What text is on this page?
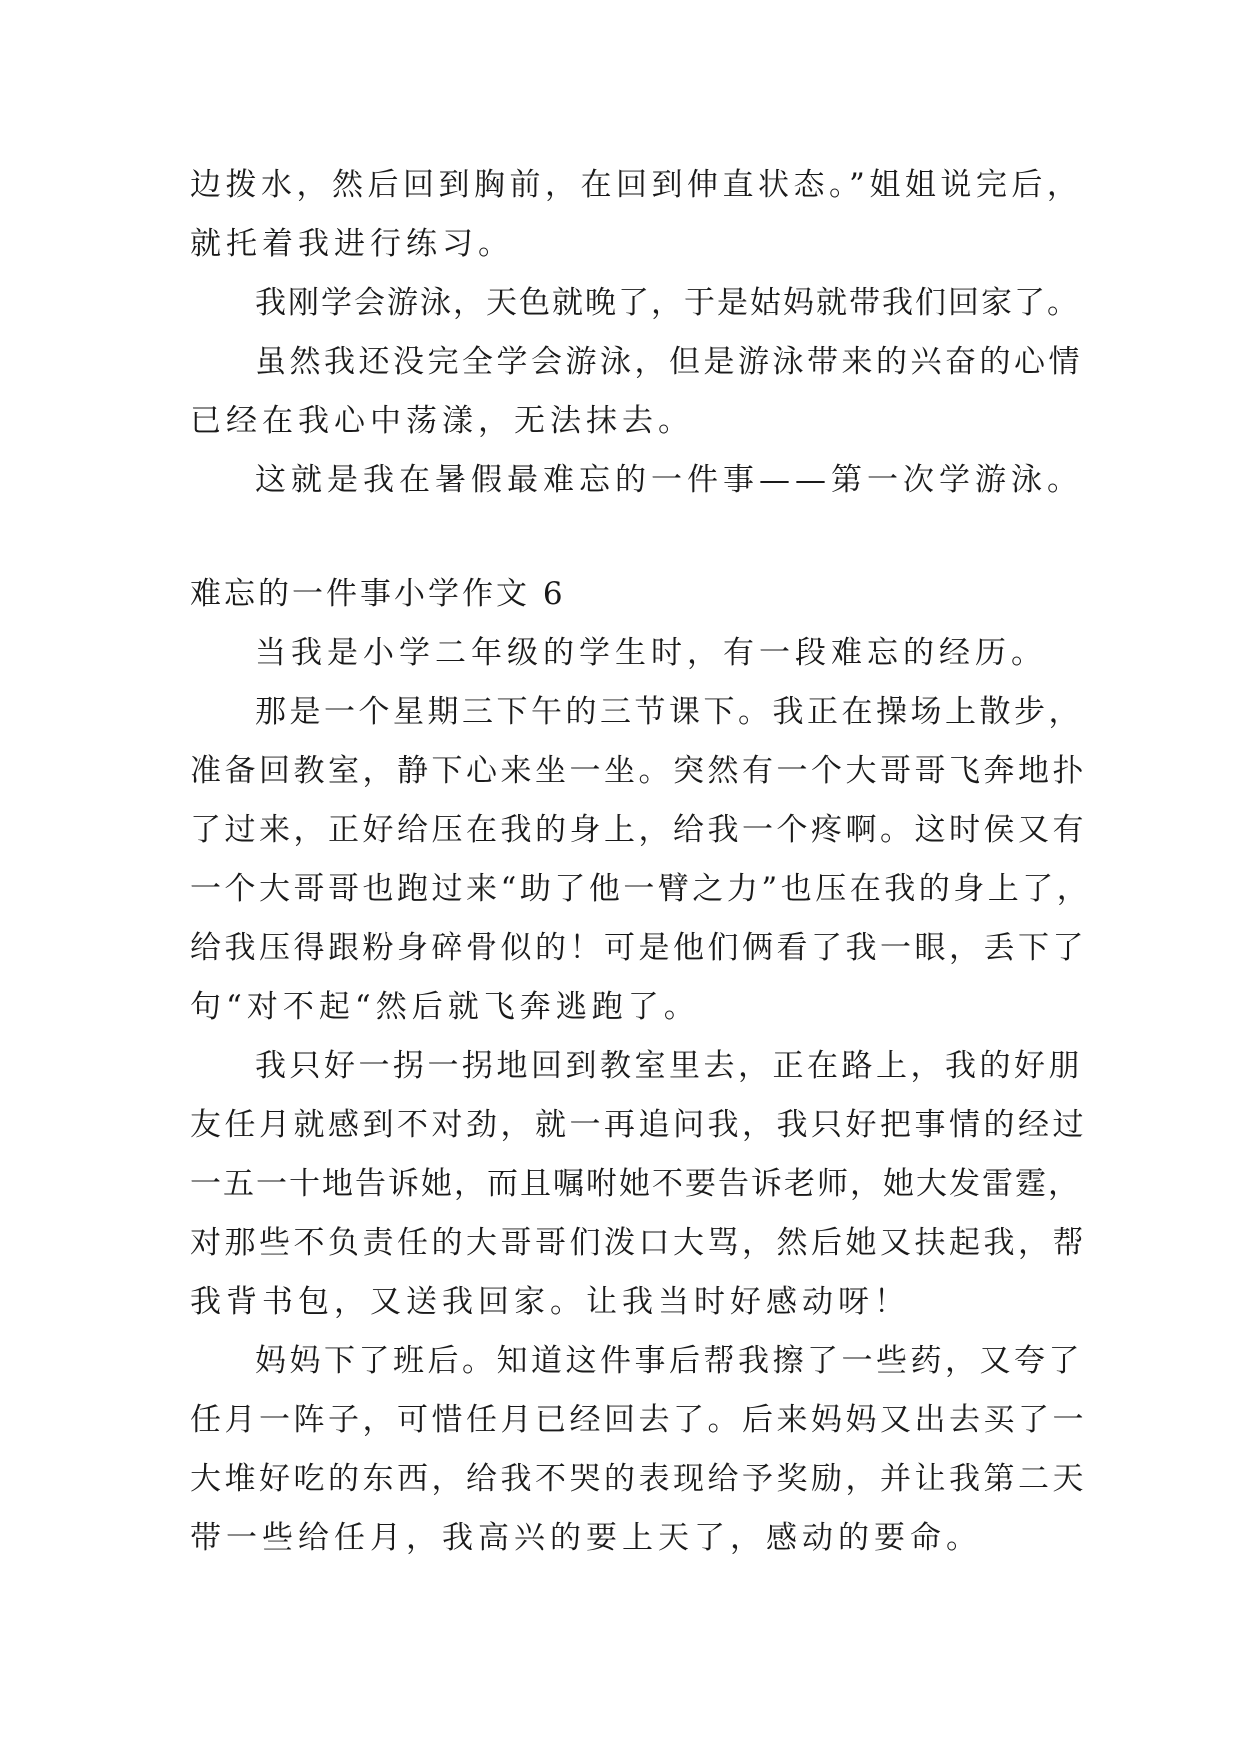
边拨水，然后回到胸前，在回到伸直状态。”姐姐说完后，
就托着我进行练习。
我刚学会游泳，天色就晚了，于是姑妈就带我们回家了。
虽然我还没完全学会游泳，但是游泳带来的兴奋的心情
已经在我心中荡漾，无法抹去。
这就是我在暑假最难忘的一件事——第一次学游泳。
难忘的一件事小学作文 6
当我是小学二年级的学生时，有一段难忘的经历。
那是一个星期三下午的三节课下。我正在操场上散步，
准备回教室，静下心来坐一坐。突然有一个大哥哥飞奔地扑
了过来，正好给压在我的身上，给我一个疼啊。这时侯又有
一个大哥哥也跑过来“助了他一臂之力”也压在我的身上了，
给我压得跟粉身碎骨似的！可是他们俩看了我一眼，丢下了
句“对不起“然后就飞奔逃跑了。
我只好一拐一拐地回到教室里去，正在路上，我的好朋
友任月就感到不对劲，就一再追问我，我只好把事情的经过
一五一十地告诉她，而且嘱咐她不要告诉老师，她大发雷霆，
对那些不负责任的大哥哥们泼口大骂，然后她又扶起我，帮
我背书包，又送我回家。让我当时好感动呀！
妈妈下了班后。知道这件事后帮我擦了一些药，又夸了
任月一阵子，可惜任月已经回去了。后来妈妈又出去买了一
大堆好吃的东西，给我不哭的表现给予奖励，并让我第二天
带一些给任月，我高兴的要上天了，感动的要命。
